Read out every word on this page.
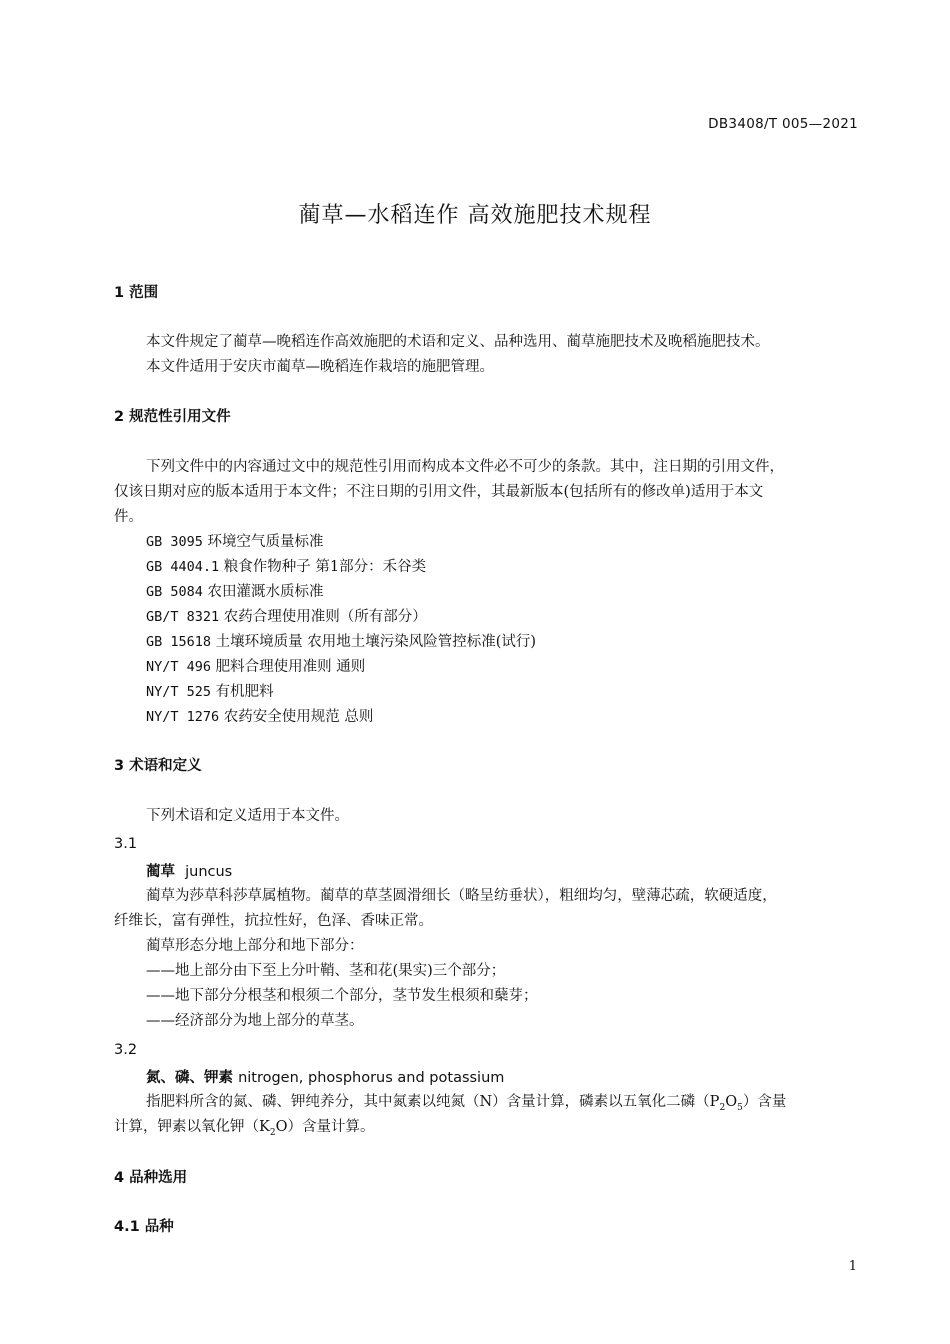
DB3408/T 005—2021
蔺草—水稻连作 高效施肥技术规程
1 范围
本文件规定了蔺草—晚稻连作高效施肥的术语和定义、品种选用、蔺草施肥技术及晚稻施肥技术。
本文件适用于安庆市蔺草—晚稻连作栽培的施肥管理。
2 规范性引用文件
下列文件中的内容通过文中的规范性引用而构成本文件必不可少的条款。其中，注日期的引用文件，
仅该日期对应的版本适用于本文件；不注日期的引用文件，其最新版本(包括所有的修改单)适用于本文
件。
GB 3095 环境空气质量标准
GB 4404.1 粮食作物种子 第1部分：禾谷类
GB 5084 农田灌溉水质标准
GB/T 8321 农药合理使用准则（所有部分）
GB 15618 土壤环境质量 农用地土壤污染风险管控标准(试行)
NY/T 496 肥料合理使用准则 通则
NY/T 525 有机肥料
NY/T 1276 农药安全使用规范 总则
3 术语和定义
下列术语和定义适用于本文件。
3.1
蔺草 juncus
蔺草为莎草科莎草属植物。蔺草的草茎圆滑细长（略呈纺垂状），粗细均匀，壁薄芯疏，软硬适度，
纤维长，富有弹性，抗拉性好，色泽、香味正常。
蔺草形态分地上部分和地下部分：
——地上部分由下至上分叶鞘、茎和花(果实)三个部分；
——地下部分分根茎和根须二个部分，茎节发生根须和蘖芽；
——经济部分为地上部分的草茎。
3.2
氮、磷、钾素 nitrogen, phosphorus and potassium
指肥料所含的氮、磷、钾纯养分，其中氮素以纯氮（N）含量计算，磷素以五氧化二磷$(P_2O_5)$含量
计算，钾素以氧化钾$(K_2O)$含量计算。
4 品种选用
4.1 品种
1
